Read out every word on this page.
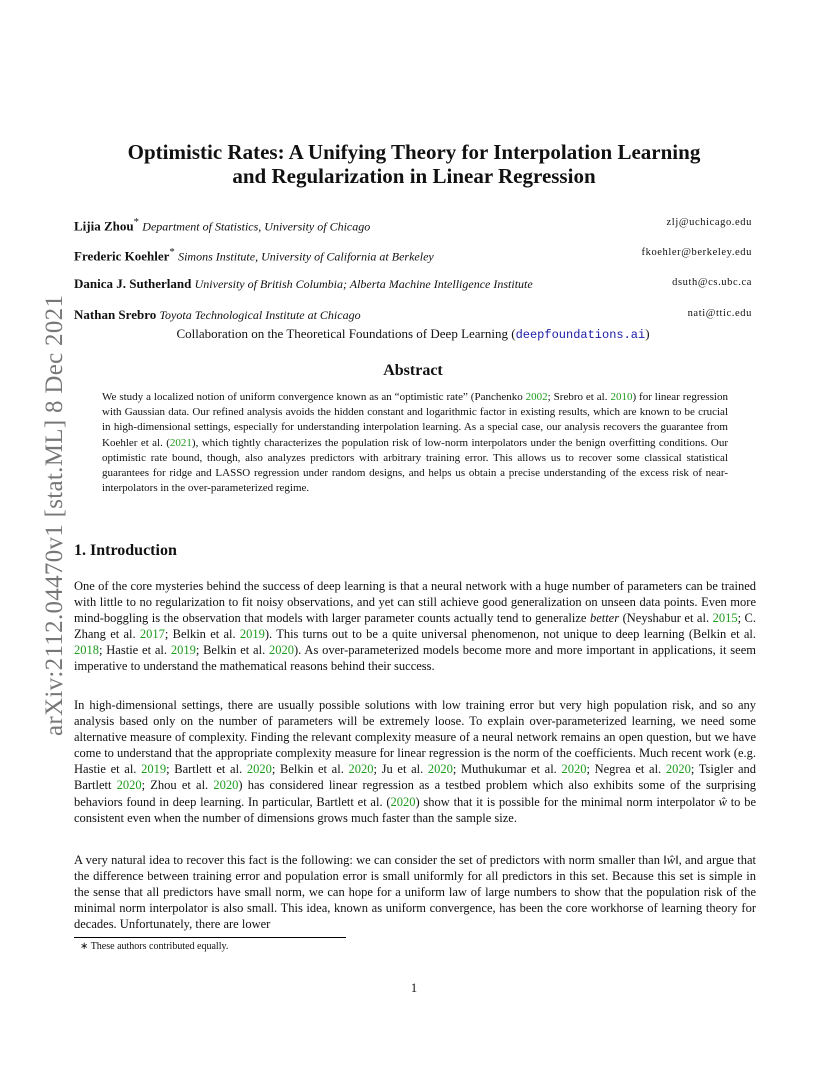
arXiv:2112.04470v1 [stat.ML] 8 Dec 2021
Optimistic Rates: A Unifying Theory for Interpolation Learning
and Regularization in Linear Regression
Lijia Zhou* Department of Statistics, University of Chicago	zlj@uchicago.edu
Frederic Koehler* Simons Institute, University of California at Berkeley	fkoehler@berkeley.edu
Danica J. Sutherland University of British Columbia; Alberta Machine Intelligence Institute	dsuth@cs.ubc.ca
Nathan Srebro Toyota Technological Institute at Chicago	nati@ttic.edu
Collaboration on the Theoretical Foundations of Deep Learning (deepfoundations.ai)
Abstract
We study a localized notion of uniform convergence known as an “optimistic rate” (Panchenko 2002; Srebro et al. 2010) for linear regression with Gaussian data. Our refined analysis avoids the hidden constant and logarithmic factor in existing results, which are known to be crucial in high-dimensional settings, especially for understanding interpolation learning. As a special case, our analysis recovers the guarantee from Koehler et al. (2021), which tightly characterizes the population risk of low-norm interpolators under the benign overfitting conditions. Our optimistic rate bound, though, also analyzes predictors with arbitrary training error. This allows us to recover some classical statistical guarantees for ridge and LASSO regression under random designs, and helps us obtain a precise understanding of the excess risk of near-interpolators in the over-parameterized regime.
1. Introduction
One of the core mysteries behind the success of deep learning is that a neural network with a huge number of parameters can be trained with little to no regularization to fit noisy observations, and yet can still achieve good generalization on unseen data points. Even more mind-boggling is the observation that models with larger parameter counts actually tend to generalize better (Neyshabur et al. 2015; C. Zhang et al. 2017; Belkin et al. 2019). This turns out to be a quite universal phenomenon, not unique to deep learning (Belkin et al. 2018; Hastie et al. 2019; Belkin et al. 2020). As over-parameterized models become more and more important in applications, it seem imperative to understand the mathematical reasons behind their success.
In high-dimensional settings, there are usually possible solutions with low training error but very high population risk, and so any analysis based only on the number of parameters will be extremely loose. To explain over-parameterized learning, we need some alternative measure of complexity. Finding the relevant complexity measure of a neural network remains an open question, but we have come to understand that the appropriate complexity measure for linear regression is the norm of the coefficients. Much recent work (e.g. Hastie et al. 2019; Bartlett et al. 2020; Belkin et al. 2020; Ju et al. 2020; Muthukumar et al. 2020; Negrea et al. 2020; Tsigler and Bartlett 2020; Zhou et al. 2020) has considered linear regression as a testbed problem which also exhibits some of the surprising behaviors found in deep learning. In particular, Bartlett et al. (2020) show that it is possible for the minimal norm interpolator ŵ to be consistent even when the number of dimensions grows much faster than the sample size.
A very natural idea to recover this fact is the following: we can consider the set of predictors with norm smaller than ‖ŵ‖, and argue that the difference between training error and population error is small uniformly for all predictors in this set. Because this set is simple in the sense that all predictors have small norm, we can hope for a uniform law of large numbers to show that the population risk of the minimal norm interpolator is also small. This idea, known as uniform convergence, has been the core workhorse of learning theory for decades. Unfortunately, there are lower
∗ These authors contributed equally.
1
